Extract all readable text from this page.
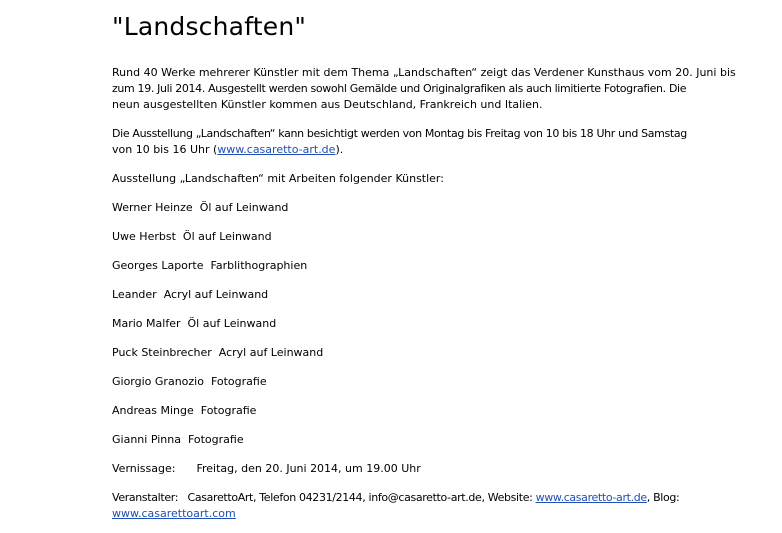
"Landschaften"

Rund 40 Werke mehrerer Künstler mit dem Thema „Landschaften“ zeigt das Verdener Kunsthaus vom 20. Juni bis

zum 19. Juli 2014. Ausgestellt werden sowohl Gemälde und Originalgrafiken als auch limitierte Fotografien. Die

neun ausgestellten Künstler kommen aus Deutschland, Frankreich und Italien.

Die Ausstellung „Landschaften“ kann besichtigt werden von Montag bis Freitag von 10 bis 18 Uhr und Samstag

von 10 bis 16 Uhr (www.casaretto-art.de).

Ausstellung „Landschaften“ mit Arbeiten folgender Künstler:

Werner Heinze Öl auf Leinwand

Uwe Herbst Öl auf Leinwand

Georges Laporte Farblithographien

Leander Acryl auf Leinwand

Mario Malfer Öl auf Leinwand

Puck Steinbrecher Acryl auf Leinwand

Giorgio Granozio Fotografie

Andreas Minge Fotografie

Gianni Pinna Fotografie

Vernissage: Freitag, den 20. Juni 2014, um 19.00 Uhr

Veranstalter: CasarettoArt, Telefon 04231/2144, info@casaretto-art.de, Website: www.casaretto-art.de, Blog:

www.casarettoart.com
